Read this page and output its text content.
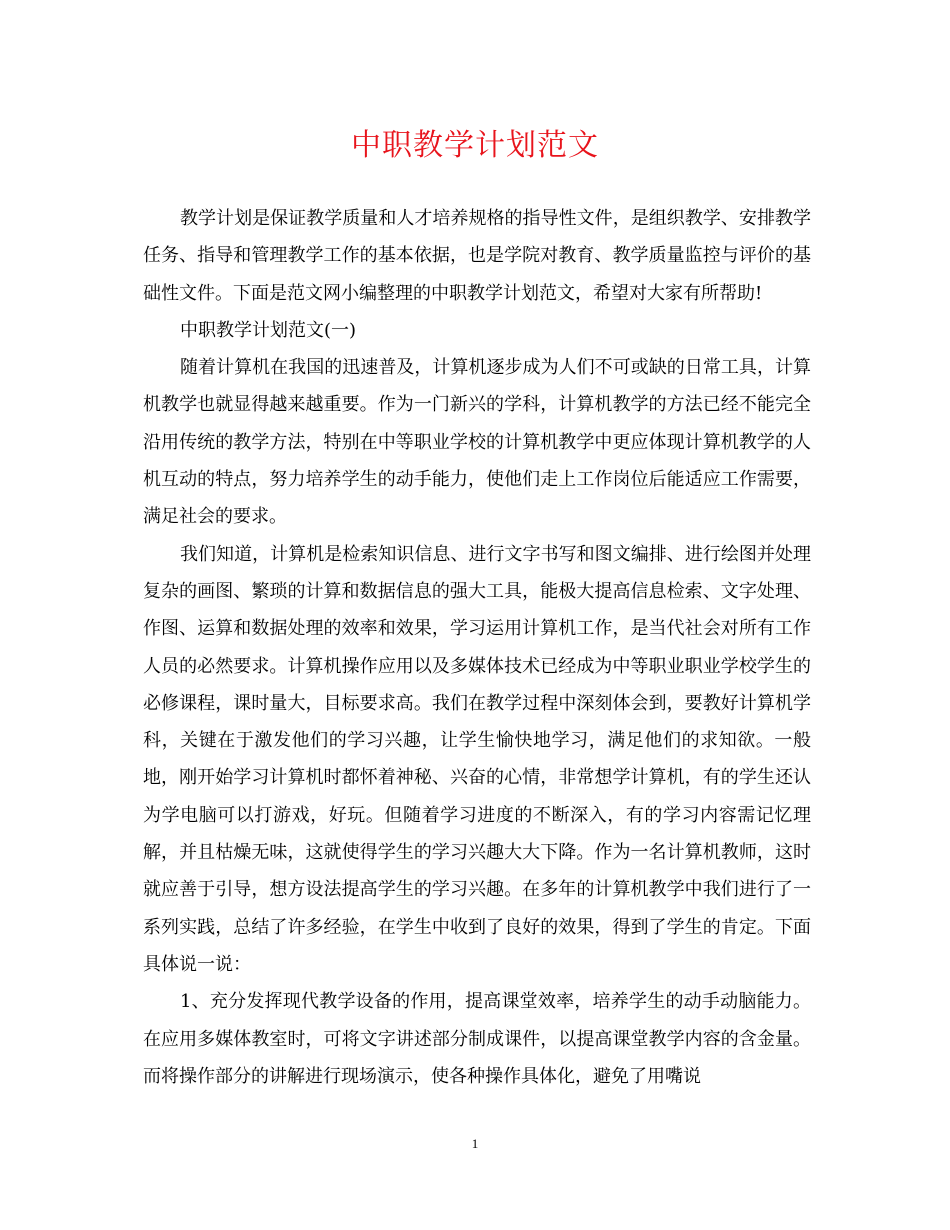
中职教学计划范文

教学计划是保证教学质量和人才培养规格的指导性文件，是组织教学、安排教学任务、指导和管理教学工作的基本依据，也是学院对教育、教学质量监控与评价的基础性文件。下面是范文网小编整理的中职教学计划范文，希望对大家有所帮助!

中职教学计划范文(一)

随着计算机在我国的迅速普及，计算机逐步成为人们不可或缺的日常工具，计算机教学也就显得越来越重要。作为一门新兴的学科，计算机教学的方法已经不能完全沿用传统的教学方法，特别在中等职业学校的计算机教学中更应体现计算机教学的人机互动的特点，努力培养学生的动手能力，使他们走上工作岗位后能适应工作需要，满足社会的要求。

我们知道，计算机是检索知识信息、进行文字书写和图文编排、进行绘图并处理复杂的画图、繁琐的计算和数据信息的强大工具，能极大提高信息检索、文字处理、作图、运算和数据处理的效率和效果，学习运用计算机工作，是当代社会对所有工作人员的必然要求。计算机操作应用以及多媒体技术已经成为中等职业职业学校学生的必修课程，课时量大，目标要求高。我们在教学过程中深刻体会到，要教好计算机学科，关键在于激发他们的学习兴趣，让学生愉快地学习，满足他们的求知欲。一般地，刚开始学习计算机时都怀着神秘、兴奋的心情，非常想学计算机，有的学生还认为学电脑可以打游戏，好玩。但随着学习进度的不断深入，有的学习内容需记忆理解，并且枯燥无味，这就使得学生的学习兴趣大大下降。作为一名计算机教师，这时就应善于引导，想方设法提高学生的学习兴趣。在多年的计算机教学中我们进行了一系列实践，总结了许多经验，在学生中收到了良好的效果，得到了学生的肯定。下面具体说一说：

1、充分发挥现代教学设备的作用，提高课堂效率，培养学生的动手动脑能力。在应用多媒体教室时，可将文字讲述部分制成课件，以提高课堂教学内容的含金量。而将操作部分的讲解进行现场演示，使各种操作具体化，避免了用嘴说

1
